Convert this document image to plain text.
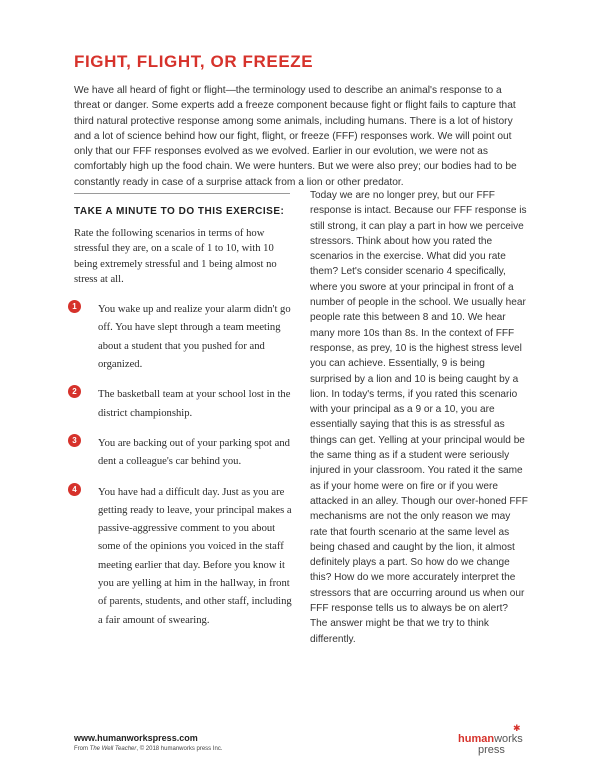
FIGHT, FLIGHT, OR FREEZE

We have all heard of fight or flight—the terminology used to describe an animal's response to a threat or danger. Some experts add a freeze component because fight or flight fails to capture that third natural protective response among some animals, including humans. There is a lot of history and a lot of science behind how our fight, flight, or freeze (FFF) responses work. We will point out only that our FFF responses evolved as we evolved. Earlier in our evolution, we were not as comfortably high up the food chain. We were hunters. But we were also prey; our bodies had to be constantly ready in case of a surprise attack from a lion or other predator.

TAKE A MINUTE TO DO THIS EXERCISE:

Rate the following scenarios in terms of how stressful they are, on a scale of 1 to 10, with 10 being extremely stressful and 1 being almost no stress at all.

1	You wake up and realize your alarm didn't go off. You have slept through a team meeting about a student that you pushed for and organized.
2	The basketball team at your school lost in the district championship.
3	You are backing out of your parking spot and dent a colleague's car behind you.
4	You have had a difficult day. Just as you are getting ready to leave, your principal makes a passive-aggressive comment to you about some of the opinions you voiced in the staff meeting earlier that day. Before you know it you are yelling at him in the hallway, in front of parents, students, and other staff, including a fair amount of swearing.

Today we are no longer prey, but our FFF response is intact. Because our FFF response is still strong, it can play a part in how we perceive stressors. Think about how you rated the scenarios in the exercise. What did you rate them? Let's consider scenario 4 specifically, where you swore at your principal in front of a number of people in the school. We usually hear people rate this between 8 and 10. We hear many more 10s than 8s. In the context of FFF response, as prey, 10 is the highest stress level you can achieve. Essentially, 9 is being surprised by a lion and 10 is being caught by a lion. In today's terms, if you rated this scenario with your principal as a 9 or a 10, you are essentially saying that this is as stressful as things can get. Yelling at your principal would be the same thing as if a student were seriously injured in your classroom. You rated it the same as if your home were on fire or if you were attacked in an alley. Though our over-honed FFF mechanisms are not the only reason we may rate that fourth scenario at the same level as being chased and caught by the lion, it almost definitely plays a part. So how do we change this? How do we more accurately interpret the stressors that are occurring around us when our FFF response tells us to always be on alert? The answer might be that we try to think differently.

www.humanworkspress.com
From The Well Teacher, © 2018 humanworks press Inc.
✱
humanworks
press
